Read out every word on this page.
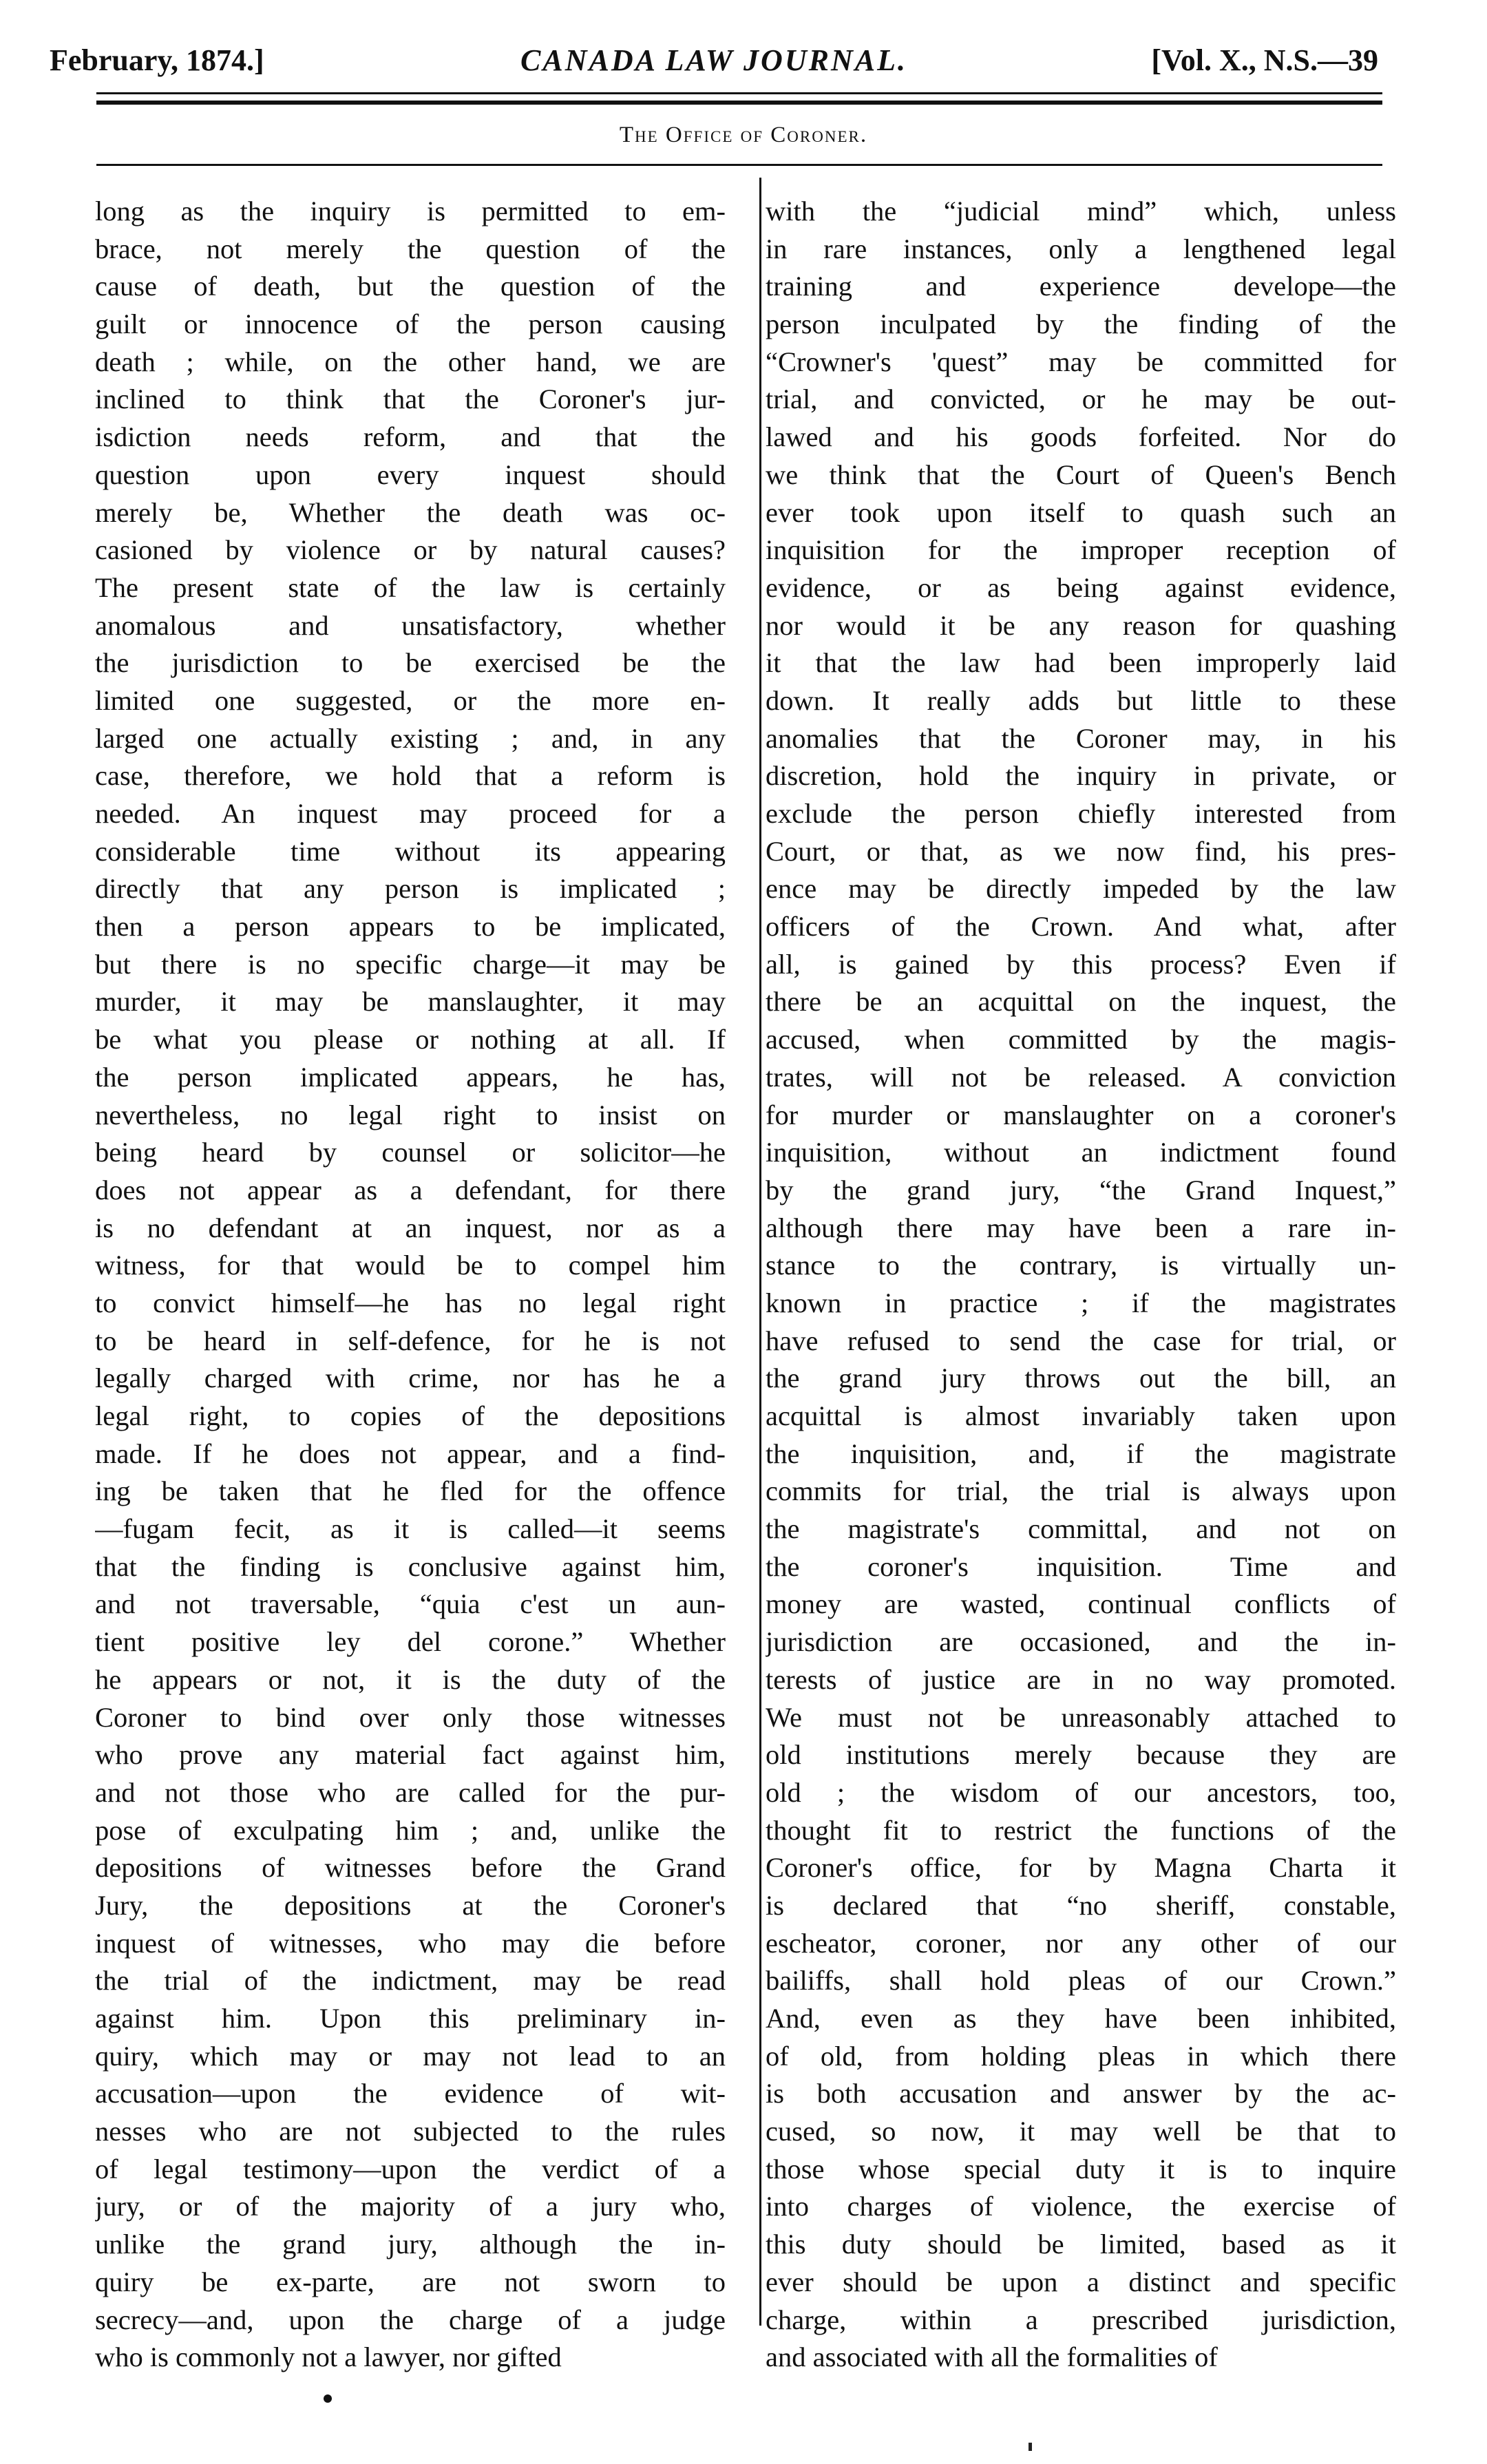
February, 1874.]	CANADA LAW JOURNAL.	[Vol. X., N.S.—39
The Office of Coroner.
long as the inquiry is permitted to em-
brace, not merely the question of the
cause of death, but the question of the
guilt or innocence of the person causing
death ; while, on the other hand, we are
inclined to think that the Coroner's jur-
isdiction needs reform, and that the
question upon every inquest should
merely be, Whether the death was oc-
casioned by violence or by natural causes?
The present state of the law is certainly
anomalous and unsatisfactory, whether
the jurisdiction to be exercised be the
limited one suggested, or the more en-
larged one actually existing ; and, in any
case, therefore, we hold that a reform is
needed. An inquest may proceed for a
considerable time without its appearing
directly that any person is implicated ;
then a person appears to be implicated,
but there is no specific charge—it may be
murder, it may be manslaughter, it may
be what you please or nothing at all. If
the person implicated appears, he has,
nevertheless, no legal right to insist on
being heard by counsel or solicitor—he
does not appear as a defendant, for there
is no defendant at an inquest, nor as a
witness, for that would be to compel him
to convict himself—he has no legal right
to be heard in self-defence, for he is not
legally charged with crime, nor has he a
legal right, to copies of the depositions
made. If he does not appear, and a find-
ing be taken that he fled for the offence
—fugam fecit, as it is called—it seems
that the finding is conclusive against him,
and not traversable, “quia c'est un aun-
tient positive ley del corone.” Whether
he appears or not, it is the duty of the
Coroner to bind over only those witnesses
who prove any material fact against him,
and not those who are called for the pur-
pose of exculpating him ; and, unlike the
depositions of witnesses before the Grand
Jury, the depositions at the Coroner's
inquest of witnesses, who may die before
the trial of the indictment, may be read
against him. Upon this preliminary in-
quiry, which may or may not lead to an
accusation—upon the evidence of wit-
nesses who are not subjected to the rules
of legal testimony—upon the verdict of a
jury, or of the majority of a jury who,
unlike the grand jury, although the in-
quiry be ex-parte, are not sworn to
secrecy—and, upon the charge of a judge
who is commonly not a lawyer, nor gifted
with the “judicial mind” which, unless
in rare instances, only a lengthened legal
training and experience develope—the
person inculpated by the finding of the
“Crowner's 'quest” may be committed for
trial, and convicted, or he may be out-
lawed and his goods forfeited. Nor do
we think that the Court of Queen's Bench
ever took upon itself to quash such an
inquisition for the improper reception of
evidence, or as being against evidence,
nor would it be any reason for quashing
it that the law had been improperly laid
down. It really adds but little to these
anomalies that the Coroner may, in his
discretion, hold the inquiry in private, or
exclude the person chiefly interested from
Court, or that, as we now find, his pres-
ence may be directly impeded by the law
officers of the Crown. And what, after
all, is gained by this process? Even if
there be an acquittal on the inquest, the
accused, when committed by the magis-
trates, will not be released. A conviction
for murder or manslaughter on a coroner's
inquisition, without an indictment found
by the grand jury, “the Grand Inquest,”
although there may have been a rare in-
stance to the contrary, is virtually un-
known in practice ; if the magistrates
have refused to send the case for trial, or
the grand jury throws out the bill, an
acquittal is almost invariably taken upon
the inquisition, and, if the magistrate
commits for trial, the trial is always upon
the magistrate's committal, and not on
the coroner's inquisition. Time and
money are wasted, continual conflicts of
jurisdiction are occasioned, and the in-
terests of justice are in no way promoted.
We must not be unreasonably attached to
old institutions merely because they are
old ; the wisdom of our ancestors, too,
thought fit to restrict the functions of the
Coroner's office, for by Magna Charta it
is declared that “no sheriff, constable,
escheator, coroner, nor any other of our
bailiffs, shall hold pleas of our Crown.”
And, even as they have been inhibited,
of old, from holding pleas in which there
is both accusation and answer by the ac-
cused, so now, it may well be that to
those whose special duty it is to inquire
into charges of violence, the exercise of
this duty should be limited, based as it
ever should be upon a distinct and specific
charge, within a prescribed jurisdiction,
and associated with all the formalities of
